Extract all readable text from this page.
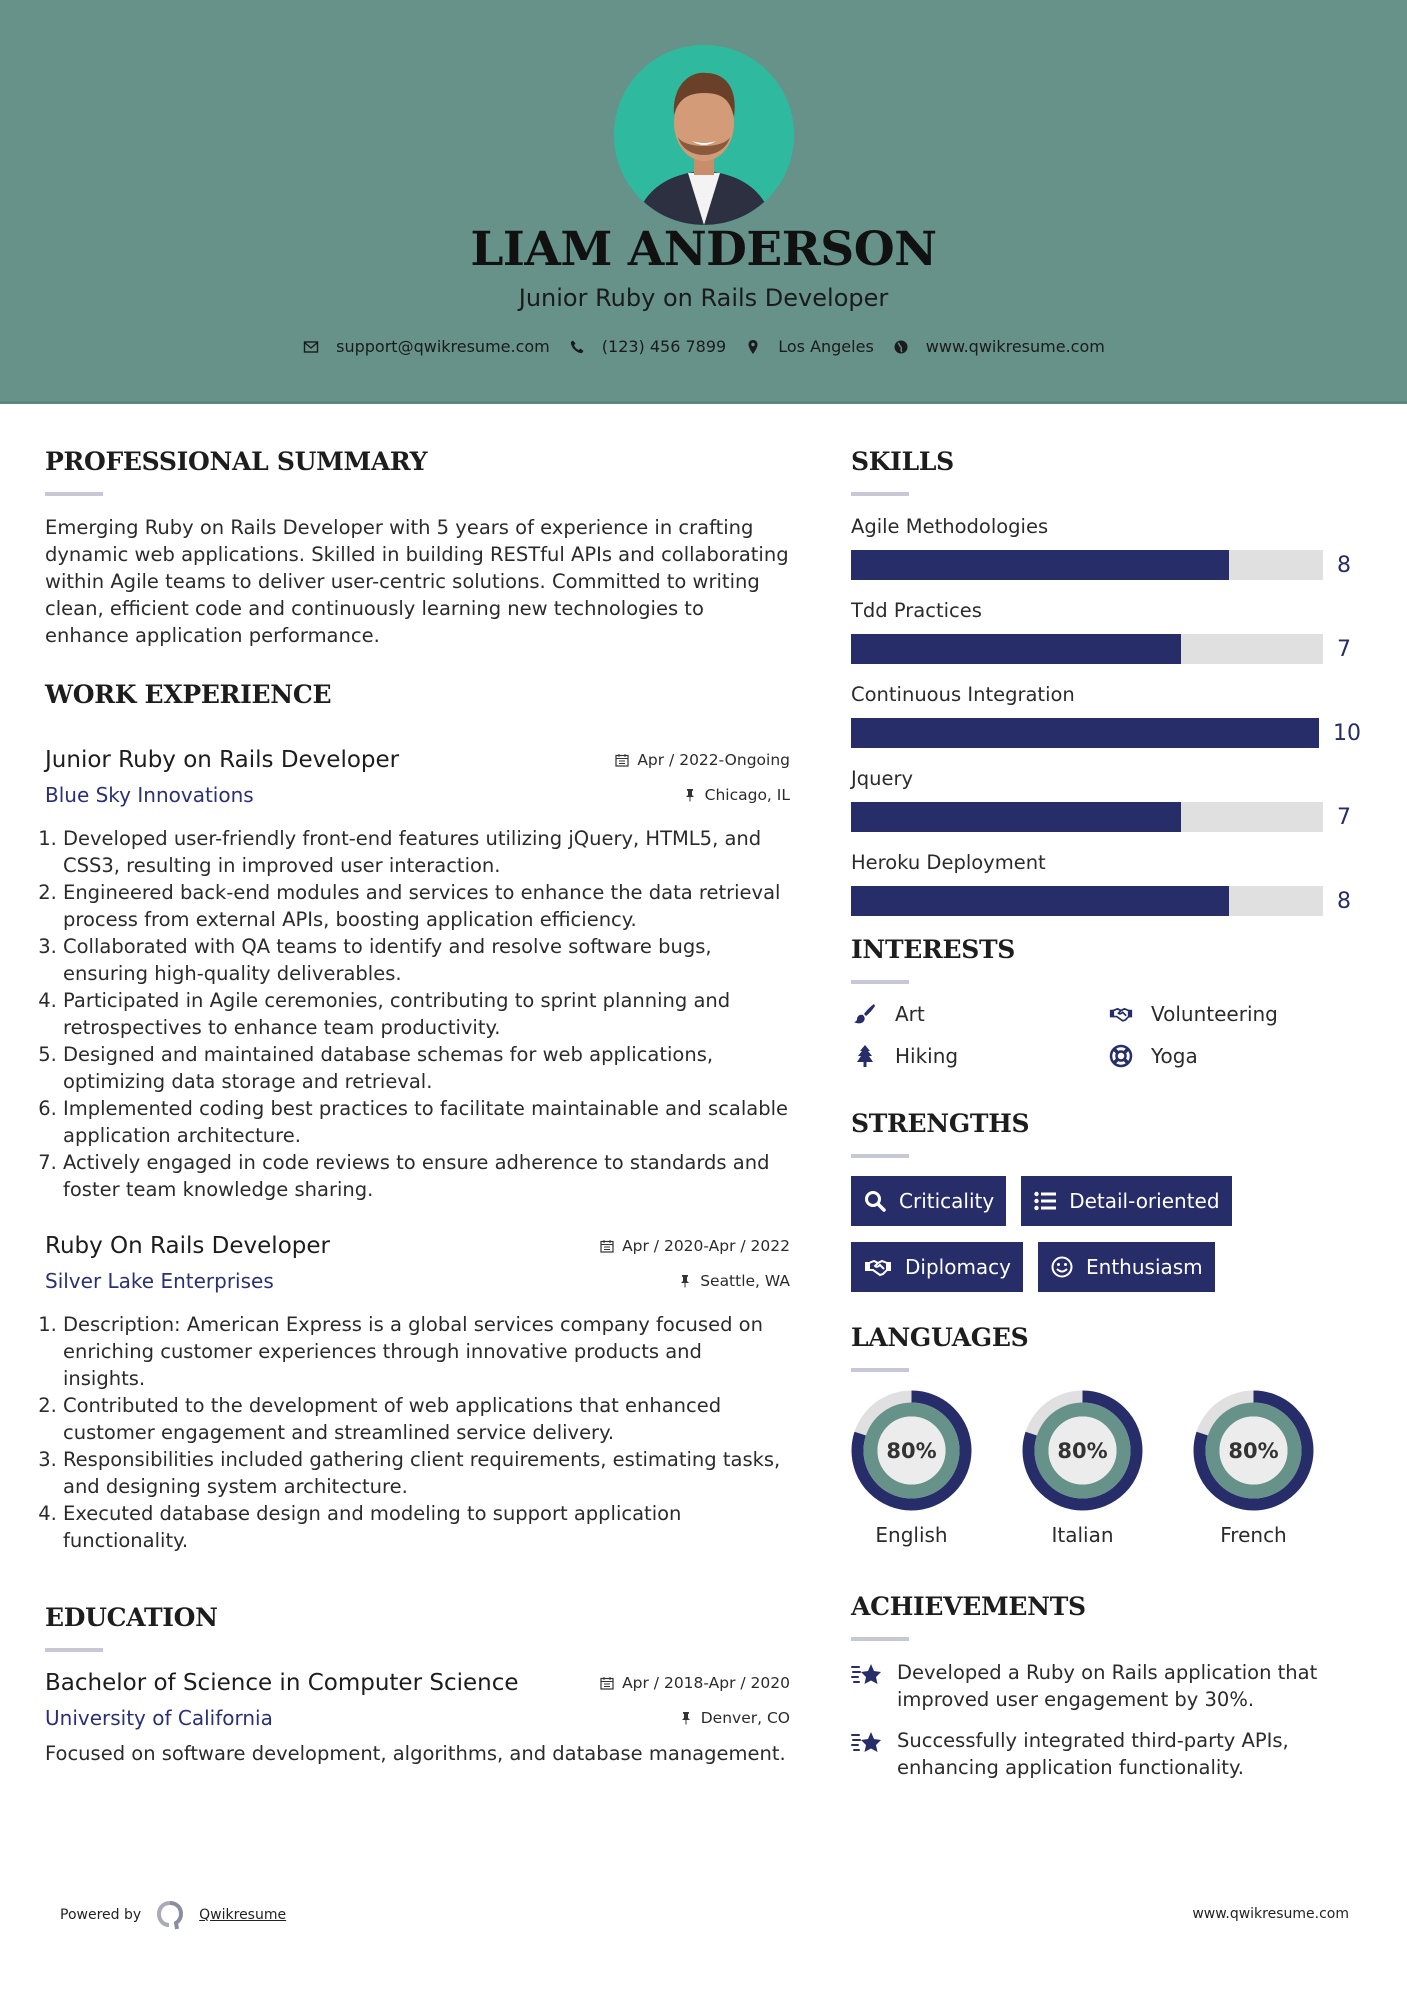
LIAM ANDERSON
Junior Ruby on Rails Developer
support@qwikresume.com	(123) 456 7899	Los Angeles	www.qwikresume.com
PROFESSIONAL SUMMARY

Emerging Ruby on Rails Developer with 5 years of experience in crafting dynamic web applications. Skilled in building RESTful APIs and collaborating within Agile teams to deliver user-centric solutions. Committed to writing clean, efficient code and continuously learning new technologies to enhance application performance.

WORK EXPERIENCE
Junior Ruby on Rails Developer	Apr / 2022-Ongoing
Blue Sky Innovations	Chicago, IL
1. Developed user-friendly front-end features utilizing jQuery, HTML5, and CSS3, resulting in improved user interaction.
2. Engineered back-end modules and services to enhance the data retrieval process from external APIs, boosting application efficiency.
3. Collaborated with QA teams to identify and resolve software bugs, ensuring high-quality deliverables.
4. Participated in Agile ceremonies, contributing to sprint planning and retrospectives to enhance team productivity.
5. Designed and maintained database schemas for web applications, optimizing data storage and retrieval.
6. Implemented coding best practices to facilitate maintainable and scalable application architecture.
7. Actively engaged in code reviews to ensure adherence to standards and foster team knowledge sharing.
Ruby On Rails Developer	Apr / 2020-Apr / 2022
Silver Lake Enterprises	Seattle, WA
1. Description: American Express is a global services company focused on enriching customer experiences through innovative products and insights.
2. Contributed to the development of web applications that enhanced customer engagement and streamlined service delivery.
3. Responsibilities included gathering client requirements, estimating tasks, and designing system architecture.
4. Executed database design and modeling to support application functionality.
EDUCATION
Bachelor of Science in Computer Science	Apr / 2018-Apr / 2020
University of California	Denver, CO

Focused on software development, algorithms, and database management.

SKILLS
Agile Methodologies
8
Tdd Practices
7
Continuous Integration
10
Jquery
7
Heroku Deployment
8
INTERESTS
Art	Volunteering
Hiking	Yoga
STRENGTHS
Criticality	Detail-oriented
Diplomacy	Enthusiasm
LANGUAGES
80%
English
80%
Italian
80%
French
ACHIEVEMENTS
Developed a Ruby on Rails application that improved user engagement by 30%.
Successfully integrated third-party APIs, enhancing application functionality.
Powered by	Qwikresume	www.qwikresume.com
